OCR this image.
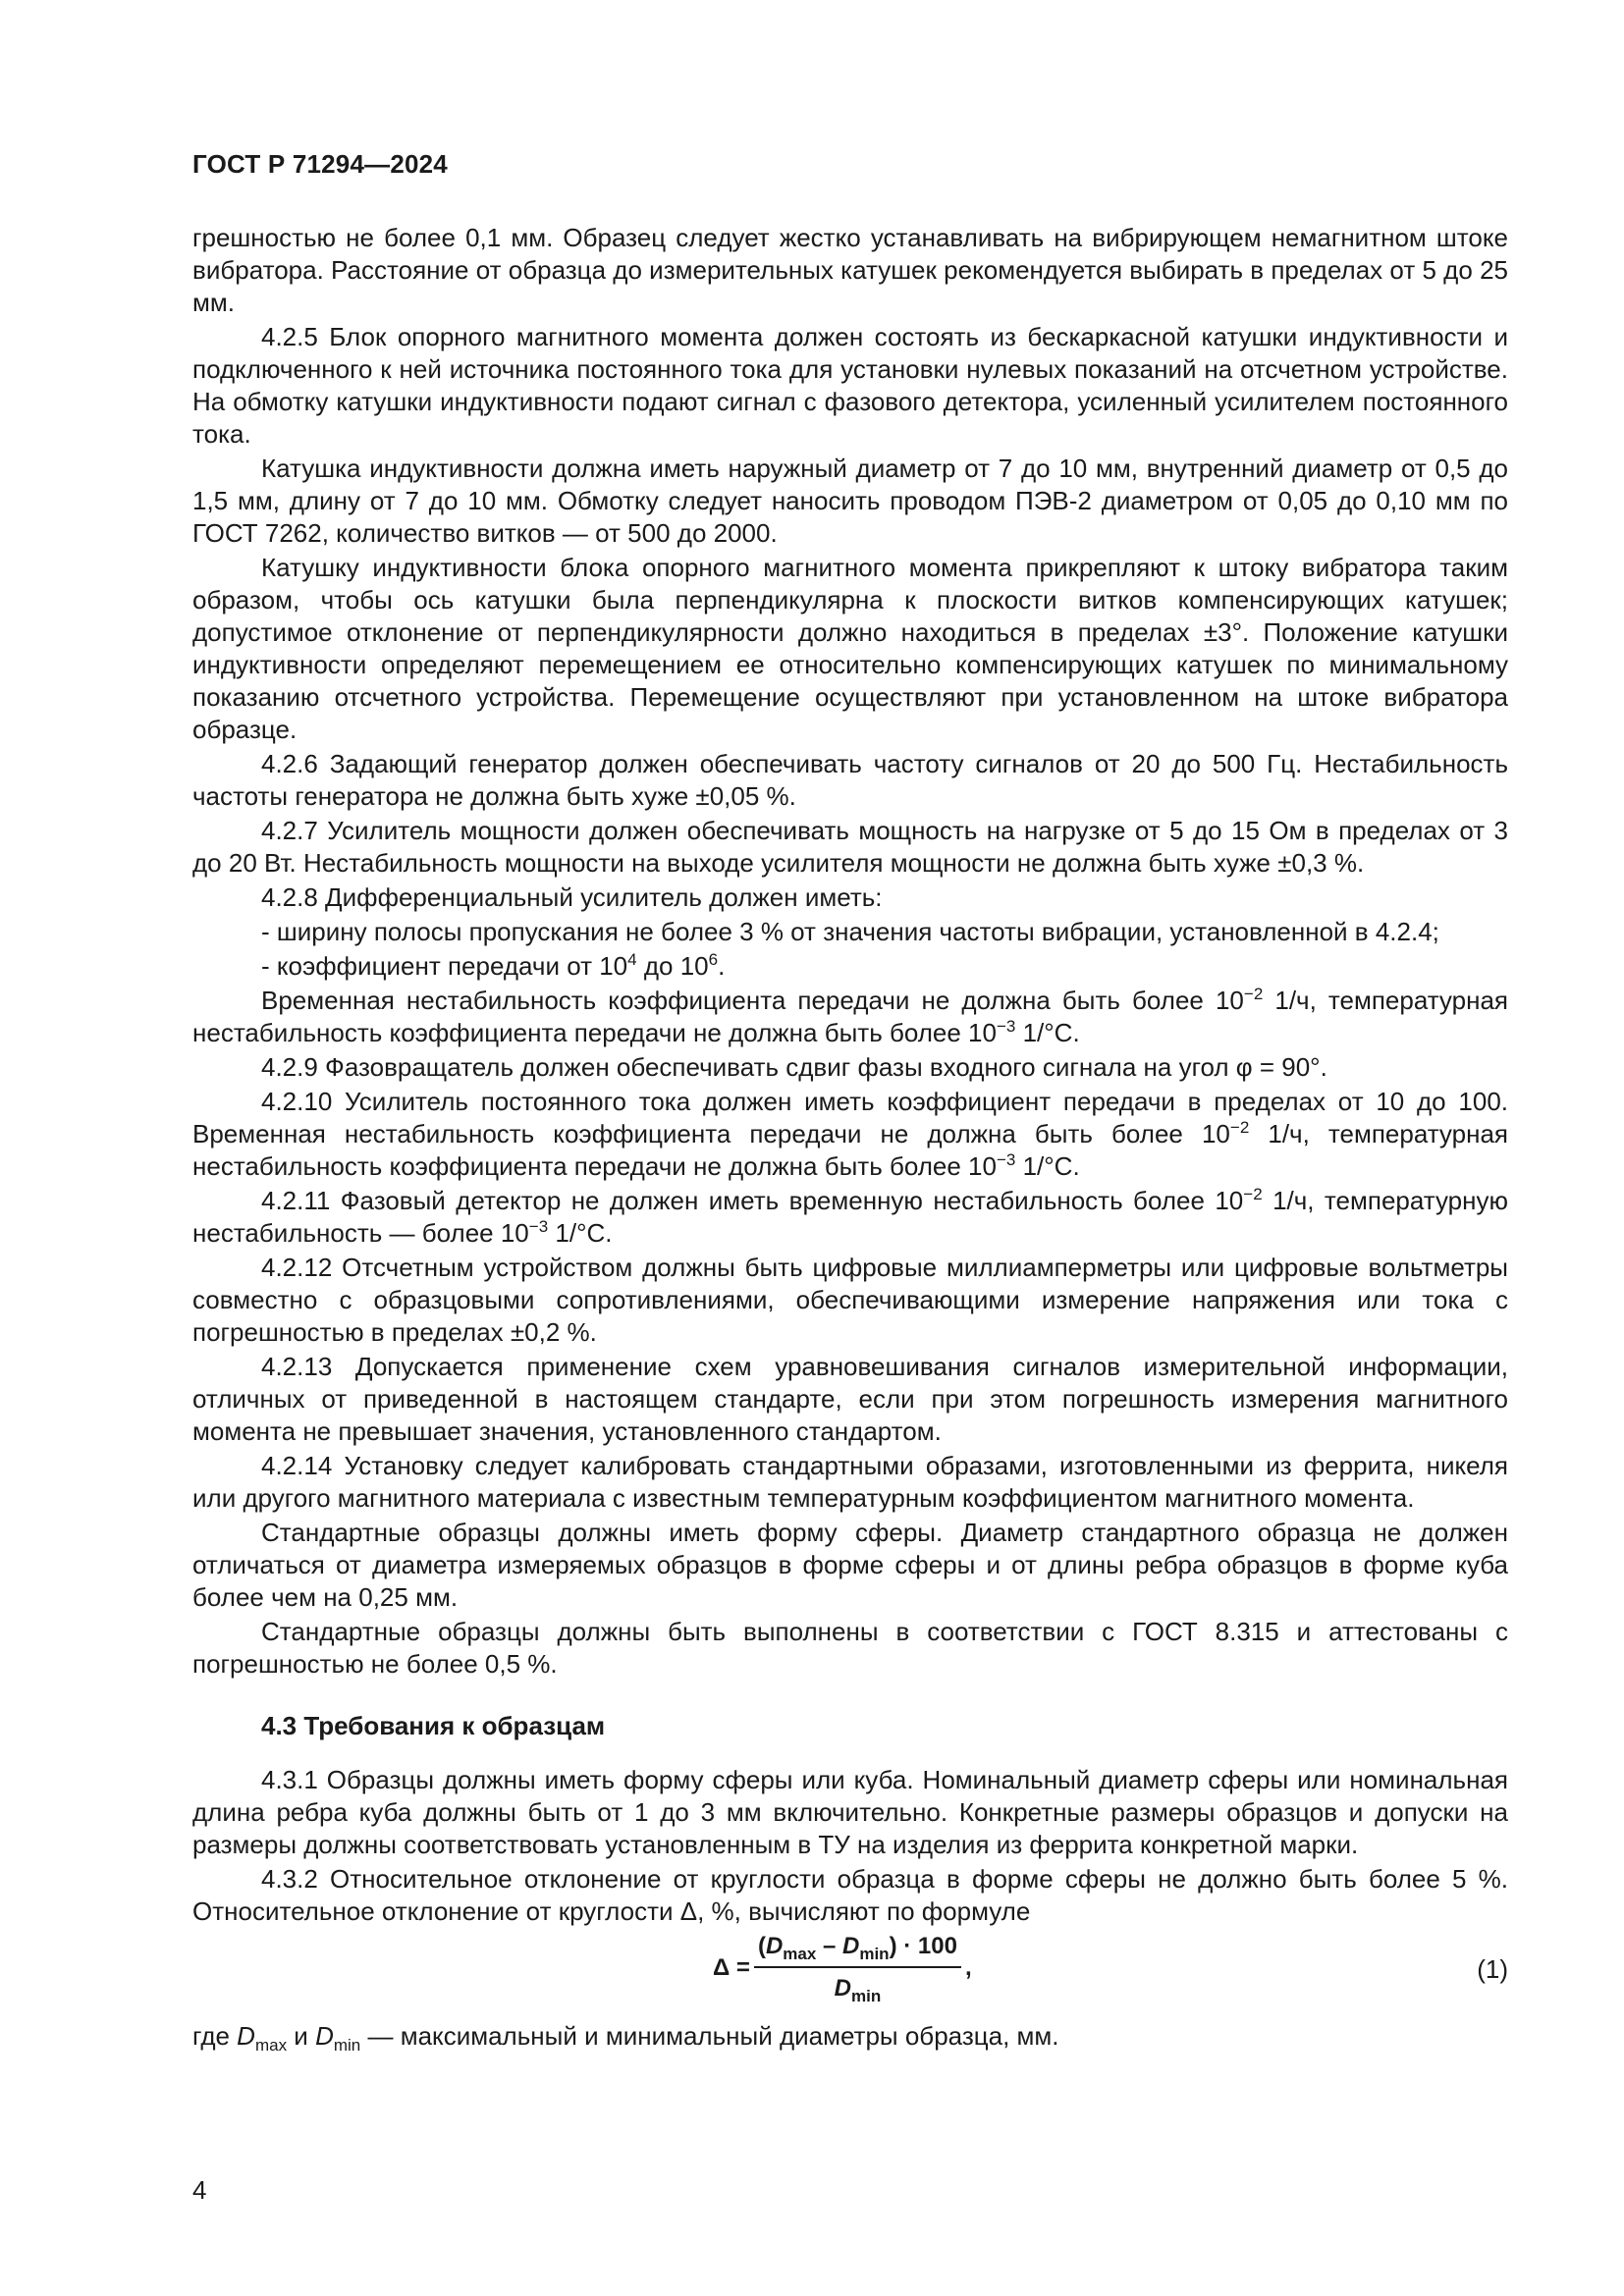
ГОСТ Р 71294—2024

грешностью не более 0,1 мм. Образец следует жестко устанавливать на вибрирующем немагнитном штоке вибратора. Расстояние от образца до измерительных катушек рекомендуется выбирать в пределах от 5 до 25 мм.

4.2.5 Блок опорного магнитного момента должен состоять из бескаркасной катушки индуктивности и подключенного к ней источника постоянного тока для установки нулевых показаний на отсчетном устройстве. На обмотку катушки индуктивности подают сигнал с фазового детектора, усиленный усилителем постоянного тока.

Катушка индуктивности должна иметь наружный диаметр от 7 до 10 мм, внутренний диаметр от 0,5 до 1,5 мм, длину от 7 до 10 мм. Обмотку следует наносить проводом ПЭВ-2 диаметром от 0,05 до 0,10 мм по ГОСТ 7262, количество витков — от 500 до 2000.

Катушку индуктивности блока опорного магнитного момента прикрепляют к штоку вибратора таким образом, чтобы ось катушки была перпендикулярна к плоскости витков компенсирующих катушек; допустимое отклонение от перпендикулярности должно находиться в пределах ±3°. Положение катушки индуктивности определяют перемещением ее относительно компенсирующих катушек по минимальному показанию отсчетного устройства. Перемещение осуществляют при установленном на штоке вибратора образце.

4.2.6 Задающий генератор должен обеспечивать частоту сигналов от 20 до 500 Гц. Нестабильность частоты генератора не должна быть хуже ±0,05 %.

4.2.7 Усилитель мощности должен обеспечивать мощность на нагрузке от 5 до 15 Ом в пределах от 3 до 20 Вт. Нестабильность мощности на выходе усилителя мощности не должна быть хуже ±0,3 %.

4.2.8 Дифференциальный усилитель должен иметь:

- ширину полосы пропускания не более 3 % от значения частоты вибрации, установленной в 4.2.4;

- коэффициент передачи от $10^4$ до $10^6$.

Временная нестабильность коэффициента передачи не должна быть более $10^{-2}$ 1/ч, температурная нестабильность коэффициента передачи не должна быть более $10^{-3}$ 1/°С.

4.2.9 Фазовращатель должен обеспечивать сдвиг фазы входного сигнала на угол φ = 90°.

4.2.10 Усилитель постоянного тока должен иметь коэффициент передачи в пределах от 10 до 100. Временная нестабильность коэффициента передачи не должна быть более $10^{-2}$ 1/ч, температурная нестабильность коэффициента передачи не должна быть более $10^{-3}$ 1/°С.

4.2.11 Фазовый детектор не должен иметь временную нестабильность более $10^{-2}$ 1/ч, температурную нестабильность — более $10^{-3}$ 1/°С.

4.2.12 Отсчетным устройством должны быть цифровые миллиамперметры или цифровые вольтметры совместно с образцовыми сопротивлениями, обеспечивающими измерение напряжения или тока с погрешностью в пределах ±0,2 %.

4.2.13 Допускается применение схем уравновешивания сигналов измерительной информации, отличных от приведенной в настоящем стандарте, если при этом погрешность измерения магнитного момента не превышает значения, установленного стандартом.

4.2.14 Установку следует калибровать стандартными образами, изготовленными из феррита, никеля или другого магнитного материала с известным температурным коэффициентом магнитного момента.

Стандартные образцы должны иметь форму сферы. Диаметр стандартного образца не должен отличаться от диаметра измеряемых образцов в форме сферы и от длины ребра образцов в форме куба более чем на 0,25 мм.

Стандартные образцы должны быть выполнены в соответствии с ГОСТ 8.315 и аттестованы с погрешностью не более 0,5 %.

4.3 Требования к образцам

4.3.1 Образцы должны иметь форму сферы или куба. Номинальный диаметр сферы или номинальная длина ребра куба должны быть от 1 до 3 мм включительно. Конкретные размеры образцов и допуски на размеры должны соответствовать установленным в ТУ на изделия из феррита конкретной марки.

4.3.2 Относительное отклонение от круглости образца в форме сферы не должно быть более 5 %. Относительное отклонение от круглости Δ, %, вычисляют по формуле

$\Delta = \frac{(D_{max} - D_{min}) \cdot 100}{D_{min}}$ ,	(1)

где $D_{max}$ и $D_{min}$ — максимальный и минимальный диаметры образца, мм.

4
